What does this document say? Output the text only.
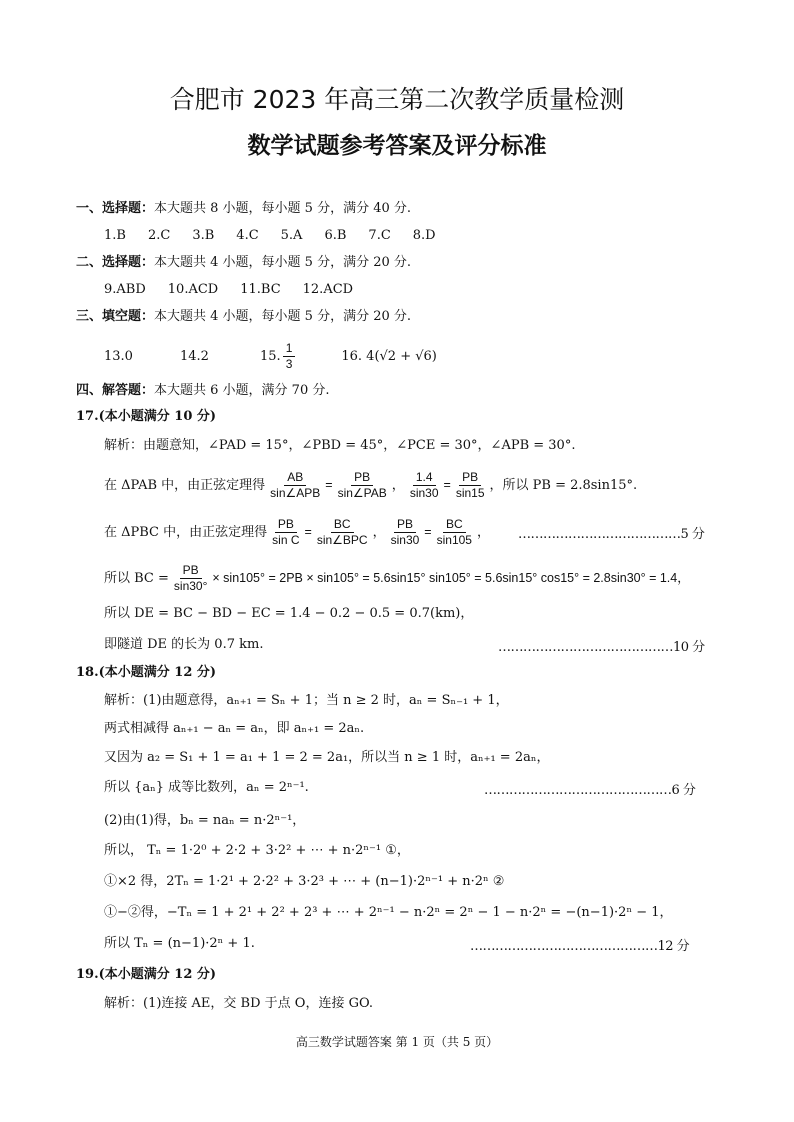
合肥市 2023 年高三第二次教学质量检测
数学试题参考答案及评分标准
一、选择题：本大题共 8 小题，每小题 5 分，满分 40 分.
1.B 2.C 3.B 4.C 5.A 6.B 7.C 8.D
二、选择题：本大题共 4 小题，每小题 5 分，满分 20 分.
9.ABD 10.ACD 11.BC 12.ACD
三、填空题：本大题共 4 小题，每小题 5 分，满分 20 分.
13.0	14.2	15. $\frac{1}{3}$	16. 4(√2 + √6)
四、解答题：本大题共 6 小题，满分 70 分.
17.(本小题满分 10 分)
解析：由题意知，∠PAD = 15°，∠PBD = 45°，∠PCE = 30°，∠APB = 30°.
在 ΔPAB 中，由正弦定理得 $\frac{AB}{\text{sin∠APB}} = \frac{PB}{\text{sin∠PAB}}$ ， $\frac{1.4}{\sin 30} = \frac{PB}{\sin 15}$ ，所以 PB = 2.8sin15°.
在 ΔPBC 中，由正弦定理得 $\frac{PB}{\text{sin C}} = \frac{BC}{\text{sin∠BPC}}$ ， $\frac{PB}{\sin 30} = \frac{BC}{\sin 105}$ ， …………………………………5 分
所以 BC = $\frac{PB}{\sin 30^\circ} \times \sin 105^\circ = 2PB \times \sin 105^\circ = 5.6\sin 15^\circ$ sin105° = 5.6sin15° cos15° = 2.8sin30° = 1.4，
所以 DE = BC − BD − EC = 1.4 − 0.2 − 0.5 = 0.7(km)，
即隧道 DE 的长为 0.7 km.	……………………………………10 分
18.(本小题满分 12 分)
解析：(1)由题意得，aₙ₊₁ = Sₙ + 1；当 n ≥ 2 时，aₙ = Sₙ₋₁ + 1，
两式相减得 aₙ₊₁ − aₙ = aₙ，即 aₙ₊₁ = 2aₙ.
又因为 a₂ = S₁ + 1 = a₁ + 1 = 2 = 2a₁，所以当 n ≥ 1 时，aₙ₊₁ = 2aₙ，
所以 {aₙ} 成等比数列，aₙ = 2ⁿ⁻¹.	………………………………………6 分
(2)由(1)得，bₙ = naₙ = n·2ⁿ⁻¹，
所以， Tₙ = 1·2⁰ + 2·2 + 3·2² + ⋯ + n·2ⁿ⁻¹ ①，
①×2 得，2Tₙ = 1·2¹ + 2·2² + 3·2³ + ⋯ + (n−1)·2ⁿ⁻¹ + n·2ⁿ ②
①−②得，−Tₙ = 1 + 2¹ + 2² + 2³ + ⋯ + 2ⁿ⁻¹ − n·2ⁿ = 2ⁿ − 1 − n·2ⁿ = −(n−1)·2ⁿ − 1，
所以 Tₙ = (n−1)·2ⁿ + 1.	………………………………………12 分
19.(本小题满分 12 分)
解析：(1)连接 AE，交 BD 于点 O，连接 GO.
高三数学试题答案 第 1 页（共 5 页）
